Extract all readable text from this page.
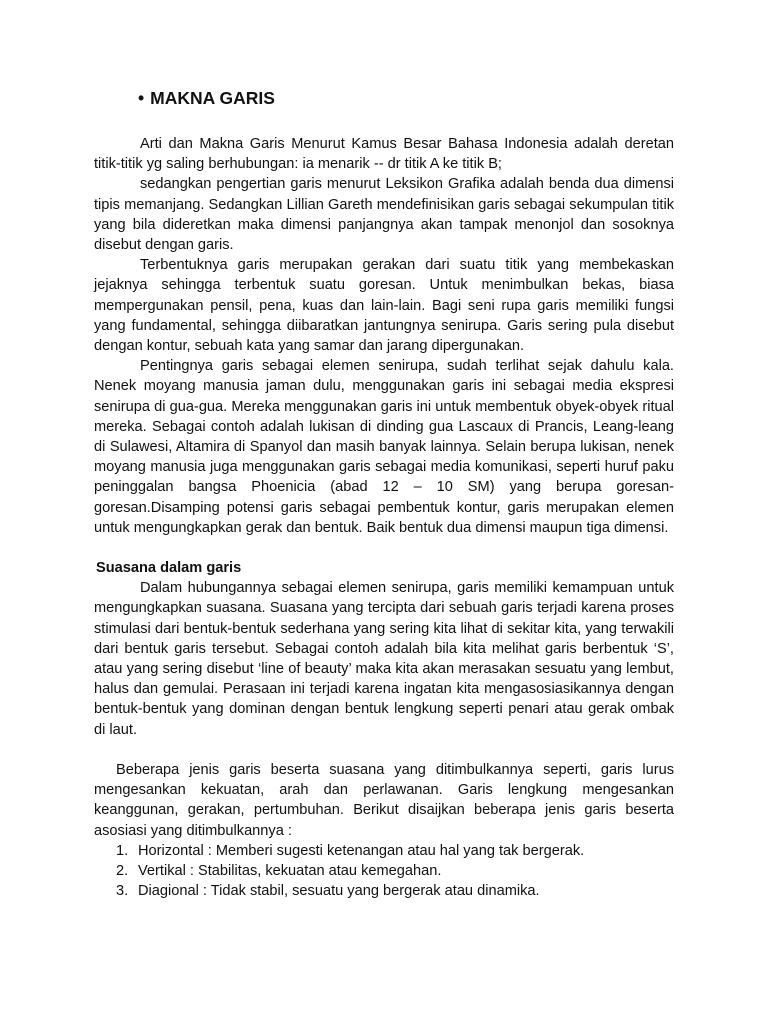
• MAKNA GARIS

Arti dan Makna Garis Menurut Kamus Besar Bahasa Indonesia adalah deretan titik-titik yg saling berhubungan: ia menarik -- dr titik A ke titik B;

sedangkan pengertian garis menurut Leksikon Grafika adalah benda dua dimensi tipis memanjang. Sedangkan Lillian Gareth mendefinisikan garis sebagai sekumpulan titik yang bila dideretkan maka dimensi panjangnya akan tampak menonjol dan sosoknya disebut dengan garis.

Terbentuknya garis merupakan gerakan dari suatu titik yang membekaskan jejaknya sehingga terbentuk suatu goresan. Untuk menimbulkan bekas, biasa mempergunakan pensil, pena, kuas dan lain-lain. Bagi seni rupa garis memiliki fungsi yang fundamental, sehingga diibaratkan jantungnya senirupa. Garis sering pula disebut dengan kontur, sebuah kata yang samar dan jarang dipergunakan.

Pentingnya garis sebagai elemen senirupa, sudah terlihat sejak dahulu kala. Nenek moyang manusia jaman dulu, menggunakan garis ini sebagai media ekspresi senirupa di gua-gua. Mereka menggunakan garis ini untuk membentuk obyek-obyek ritual mereka. Sebagai contoh adalah lukisan di dinding gua Lascaux di Prancis, Leang-leang di Sulawesi, Altamira di Spanyol dan masih banyak lainnya. Selain berupa lukisan, nenek moyang manusia juga menggunakan garis sebagai media komunikasi, seperti huruf paku peninggalan bangsa Phoenicia (abad 12 – 10 SM) yang berupa goresan-goresan.Disamping potensi garis sebagai pembentuk kontur, garis merupakan elemen untuk mengungkapkan gerak dan bentuk. Baik bentuk dua dimensi maupun tiga dimensi.

Suasana dalam garis

Dalam hubungannya sebagai elemen senirupa, garis memiliki kemampuan untuk mengungkapkan suasana. Suasana yang tercipta dari sebuah garis terjadi karena proses stimulasi dari bentuk-bentuk sederhana yang sering kita lihat di sekitar kita, yang terwakili dari bentuk garis tersebut. Sebagai contoh adalah bila kita melihat garis berbentuk ‘S’, atau yang sering disebut ‘line of beauty’ maka kita akan merasakan sesuatu yang lembut, halus dan gemulai. Perasaan ini terjadi karena ingatan kita mengasosiasikannya dengan bentuk-bentuk yang dominan dengan bentuk lengkung seperti penari atau gerak ombak di laut.

Beberapa jenis garis beserta suasana yang ditimbulkannya seperti, garis lurus mengesankan kekuatan, arah dan perlawanan. Garis lengkung mengesankan keanggunan, gerakan, pertumbuhan. Berikut disaijkan beberapa jenis garis beserta asosiasi yang ditimbulkannya :

1. Horizontal : Memberi sugesti ketenangan atau hal yang tak bergerak.
2. Vertikal : Stabilitas, kekuatan atau kemegahan.
3. Diagional : Tidak stabil, sesuatu yang bergerak atau dinamika.
